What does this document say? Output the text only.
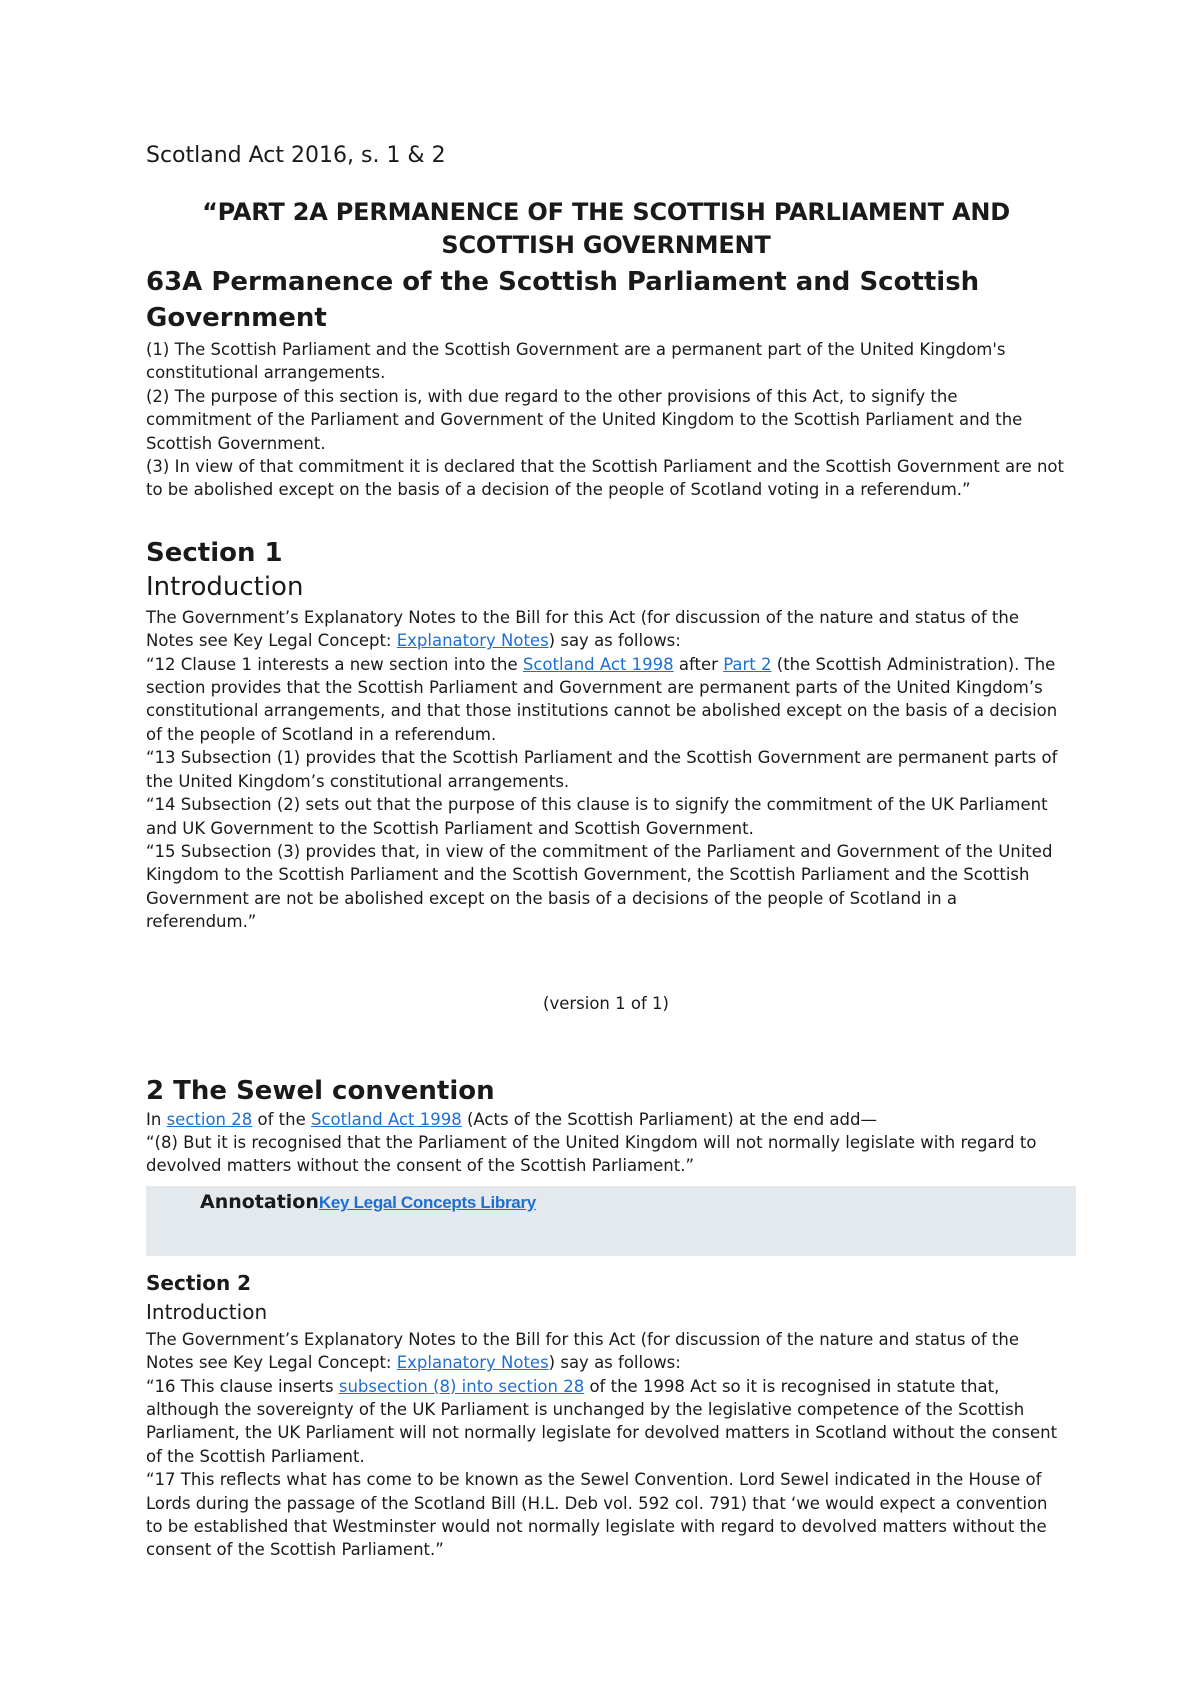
Scotland Act 2016, s. 1 & 2
“PART 2A PERMANENCE OF THE SCOTTISH PARLIAMENT AND SCOTTISH GOVERNMENT
63A Permanence of the Scottish Parliament and Scottish Government

(1) The Scottish Parliament and the Scottish Government are a permanent part of the United Kingdom's constitutional arrangements.

(2) The purpose of this section is, with due regard to the other provisions of this Act, to signify the commitment of the Parliament and Government of the United Kingdom to the Scottish Parliament and the Scottish Government.

(3) In view of that commitment it is declared that the Scottish Parliament and the Scottish Government are not to be abolished except on the basis of a decision of the people of Scotland voting in a referendum.”

Section 1
Introduction

The Government’s Explanatory Notes to the Bill for this Act (for discussion of the nature and status of the Notes see Key Legal Concept: Explanatory Notes) say as follows:

“12 Clause 1 interests a new section into the Scotland Act 1998 after Part 2 (the Scottish Administration). The section provides that the Scottish Parliament and Government are permanent parts of the United Kingdom’s constitutional arrangements, and that those institutions cannot be abolished except on the basis of a decision of the people of Scotland in a referendum.

“13 Subsection (1) provides that the Scottish Parliament and the Scottish Government are permanent parts of the United Kingdom’s constitutional arrangements.

“14 Subsection (2) sets out that the purpose of this clause is to signify the commitment of the UK Parliament and UK Government to the Scottish Parliament and Scottish Government.

“15 Subsection (3) provides that, in view of the commitment of the Parliament and Government of the United Kingdom to the Scottish Parliament and the Scottish Government, the Scottish Parliament and the Scottish Government are not be abolished except on the basis of a decisions of the people of Scotland in a referendum.”

(version 1 of 1)
2 The Sewel convention

In section 28 of the Scotland Act 1998 (Acts of the Scottish Parliament) at the end add—

“(8) But it is recognised that the Parliament of the United Kingdom will not normally legislate with regard to devolved matters without the consent of the Scottish Parliament.”

AnnotationKey Legal Concepts Library
Section 2
Introduction

The Government’s Explanatory Notes to the Bill for this Act (for discussion of the nature and status of the Notes see Key Legal Concept: Explanatory Notes) say as follows:

“16 This clause inserts subsection (8) into section 28 of the 1998 Act so it is recognised in statute that, although the sovereignty of the UK Parliament is unchanged by the legislative competence of the Scottish Parliament, the UK Parliament will not normally legislate for devolved matters in Scotland without the consent of the Scottish Parliament.

“17 This reflects what has come to be known as the Sewel Convention. Lord Sewel indicated in the House of Lords during the passage of the Scotland Bill (H.L. Deb vol. 592 col. 791) that ‘we would expect a convention to be established that Westminster would not normally legislate with regard to devolved matters without the consent of the Scottish Parliament.”
